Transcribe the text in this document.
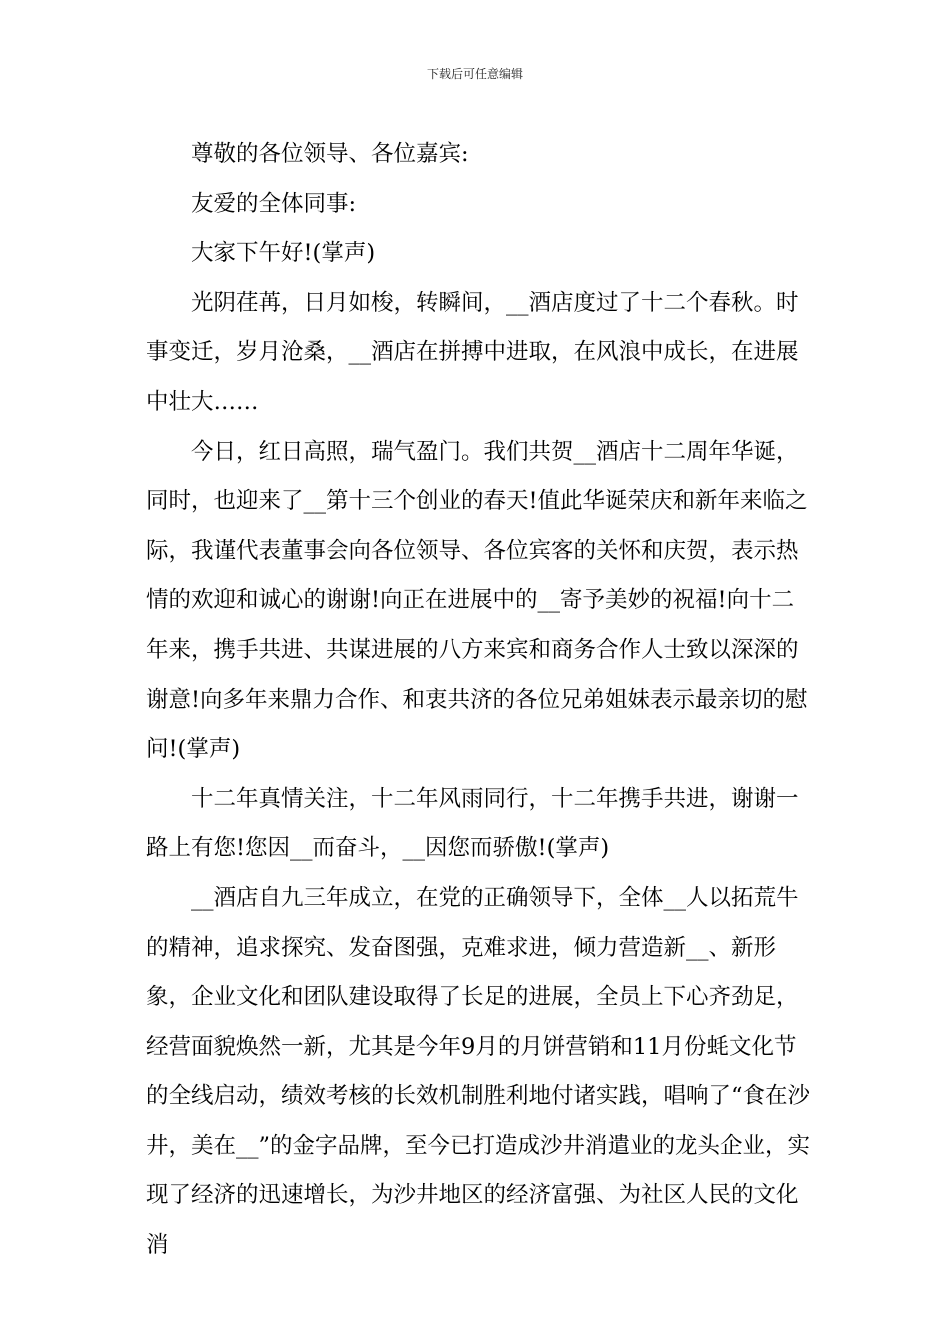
下载后可任意编辑

尊敬的各位领导、各位嘉宾:

友爱的全体同事:

大家下午好!(掌声)

光阴荏苒，日月如梭，转瞬间，__酒店度过了十二个春秋。时事变迁，岁月沧桑，__酒店在拼搏中进取，在风浪中成长，在进展中壮大……

今日，红日高照，瑞气盈门。我们共贺__酒店十二周年华诞，同时，也迎来了__第十三个创业的春天!值此华诞荣庆和新年来临之际，我谨代表董事会向各位领导、各位宾客的关怀和庆贺，表示热情的欢迎和诚心的谢谢!向正在进展中的__寄予美妙的祝福!向十二年来，携手共进、共谋进展的八方来宾和商务合作人士致以深深的谢意!向多年来鼎力合作、和衷共济的各位兄弟姐妹表示最亲切的慰问!(掌声)

十二年真情关注，十二年风雨同行，十二年携手共进，谢谢一路上有您!您因__而奋斗，__因您而骄傲!(掌声)

__酒店自九三年成立，在党的正确领导下，全体__人以拓荒牛的精神，追求探究、发奋图强，克难求进，倾力营造新__、新形象，企业文化和团队建设取得了长足的进展，全员上下心齐劲足，经营面貌焕然一新，尤其是今年9月的月饼营销和11月份蚝文化节的全线启动，绩效考核的长效机制胜利地付诸实践，唱响了“食在沙井，美在__”的金字品牌，至今已打造成沙井消遣业的龙头企业，实现了经济的迅速增长，为沙井地区的经济富强、为社区人民的文化消
